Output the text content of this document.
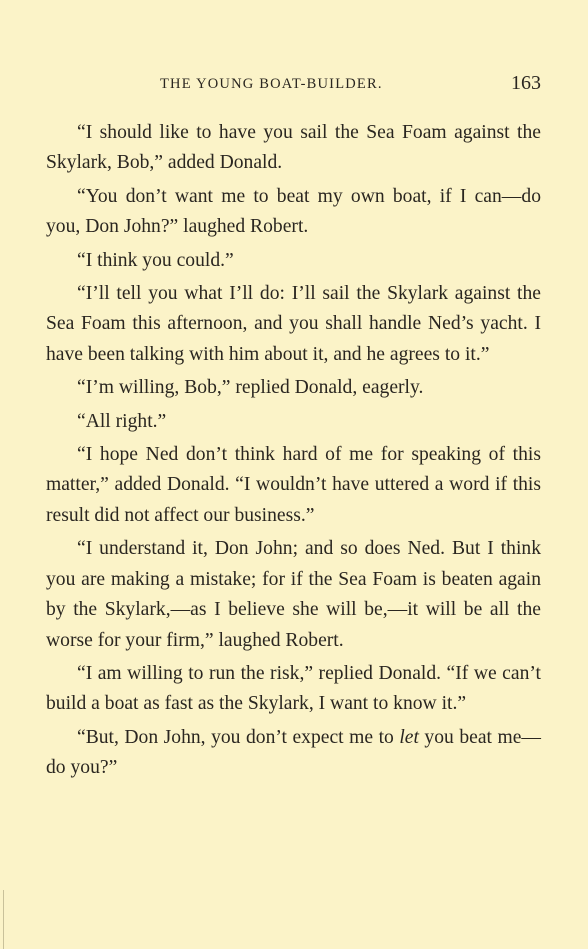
THE YOUNG BOAT-BUILDER.	163

“I should like to have you sail the Sea Foam against the Skylark, Bob,” added Donald.

“You don’t want me to beat my own boat, if I can—do you, Don John?” laughed Robert.

“I think you could.”

“I’ll tell you what I’ll do: I’ll sail the Skylark against the Sea Foam this afternoon, and you shall handle Ned’s yacht. I have been talking with him about it, and he agrees to it.”

“I’m willing, Bob,” replied Donald, eagerly.

“All right.”

“I hope Ned don’t think hard of me for speaking of this matter,” added Donald. “I wouldn’t have uttered a word if this result did not affect our business.”

“I understand it, Don John; and so does Ned. But I think you are making a mistake; for if the Sea Foam is beaten again by the Skylark,—as I believe she will be,—it will be all the worse for your firm,” laughed Robert.

“I am willing to run the risk,” replied Donald. “If we can’t build a boat as fast as the Skylark, I want to know it.”

“But, Don John, you don’t expect me to let you beat me—do you?”
